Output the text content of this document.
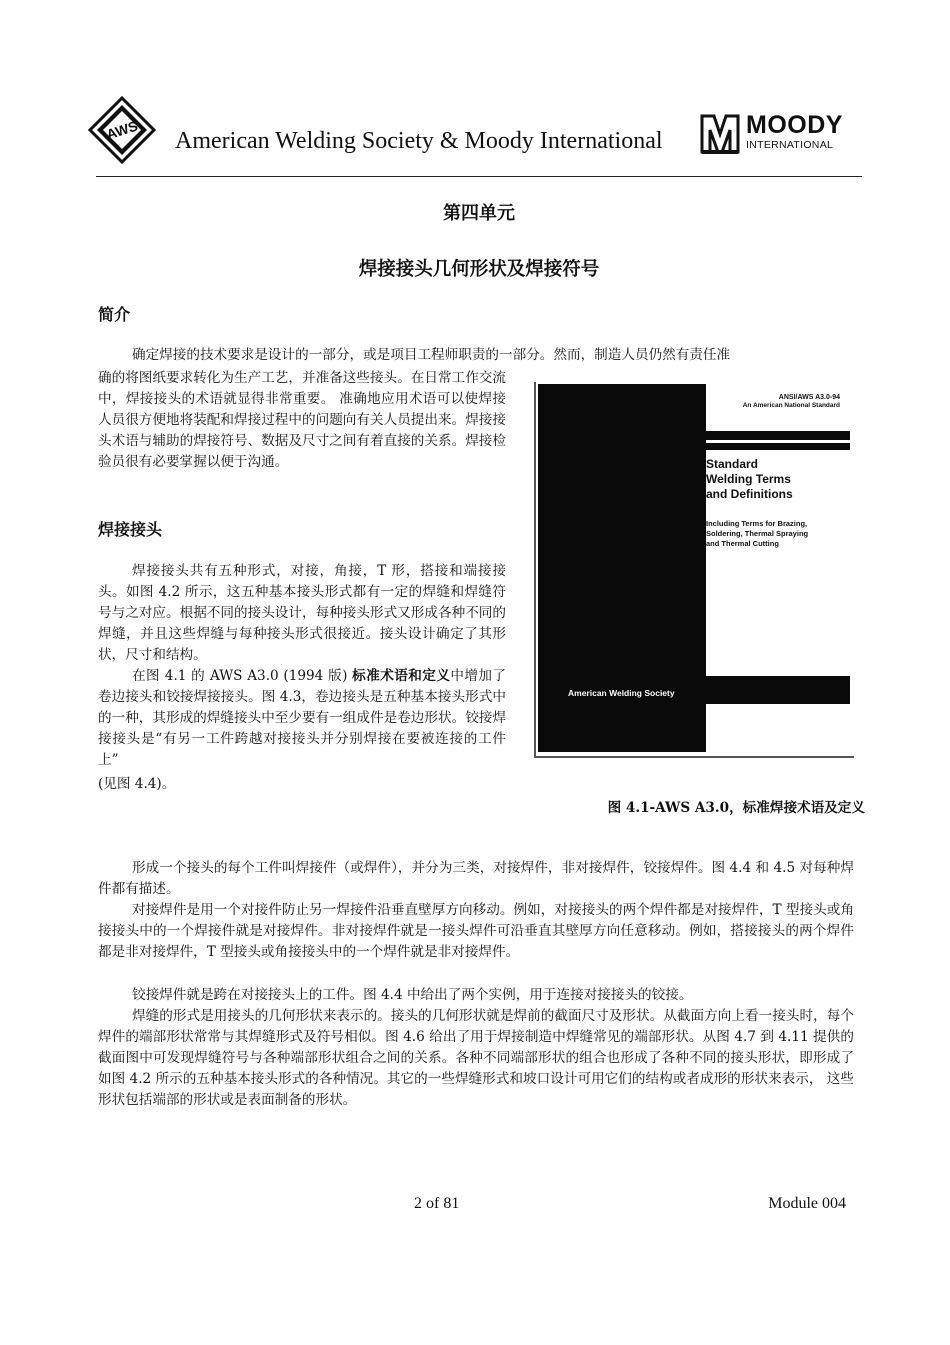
AWS American Welding Society & Moody International
MOODY
INTERNATIONAL
第四单元
焊接接头几何形状及焊接符号
简介

确定焊接的技术要求是设计的一部分，或是项目工程师职责的一部分。然而，制造人员仍然有责任准

确的将图纸要求转化为生产工艺，并准备这些接头。在日常工作交流中，焊接接头的术语就显得非常重要。 准确地应用术语可以使焊接人员很方便地将装配和焊接过程中的问题向有关人员提出来。焊接接头术语与辅助的焊接符号、数据及尺寸之间有着直接的关系。焊接检验员很有必要掌握以便于沟通。

焊接接头

焊接接头共有五种形式，对接，角接，T 形，搭接和端接接头。如图 4.2 所示，这五种基本接头形式都有一定的焊缝和焊缝符号与之对应。根据不同的接头设计，每种接头形式又形成各种不同的焊缝，并且这些焊缝与每种接头形式很接近。接头设计确定了其形状，尺寸和结构。

在图 4.1 的 AWS A3.0 (1994 版) 标准术语和定义中增加了卷边接头和铰接焊接接头。图 4.3，卷边接头是五种基本接头形式中的一种，其形成的焊缝接头中至少要有一组成件是卷边形状。铰接焊接接头是“有另一工件跨越对接接头并分别焊接在要被连接的工件上”

(见图 4.4)。

ANSI/AWS A3.0-94
An American National Standard
Standard
Welding Terms
and Definitions
Including Terms for Brazing,
Soldering, Thermal Spraying
and Thermal Cutting
American Welding Society
图 4.1-AWS A3.0，标准焊接术语及定义

形成一个接头的每个工件叫焊接件（或焊件），并分为三类，对接焊件，非对接焊件，铰接焊件。图 4.4 和 4.5 对每种焊件都有描述。

对接焊件是用一个对接件防止另一焊接件沿垂直壁厚方向移动。例如，对接接头的两个焊件都是对接焊件，T 型接头或角接接头中的一个焊接件就是对接焊件。非对接焊件就是一接头焊件可沿垂直其壁厚方向任意移动。例如，搭接接头的两个焊件都是非对接焊件，T 型接头或角接接头中的一个焊件就是非对接焊件。

铰接焊件就是跨在对接接头上的工件。图 4.4 中给出了两个实例，用于连接对接接头的铰接。

焊缝的形式是用接头的几何形状来表示的。接头的几何形状就是焊前的截面尺寸及形状。从截面方向上看一接头时，每个焊件的端部形状常常与其焊缝形式及符号相似。图 4.6 给出了用于焊接制造中焊缝常见的端部形状。从图 4.7 到 4.11 提供的截面图中可发现焊缝符号与各种端部形状组合之间的关系。各种不同端部形状的组合也形成了各种不同的接头形状，即形成了如图 4.2 所示的五种基本接头形式的各种情况。其它的一些焊缝形式和坡口设计可用它们的结构或者成形的形状来表示， 这些形状包括端部的形状或是表面制备的形状。

2 of 81	Module 004
